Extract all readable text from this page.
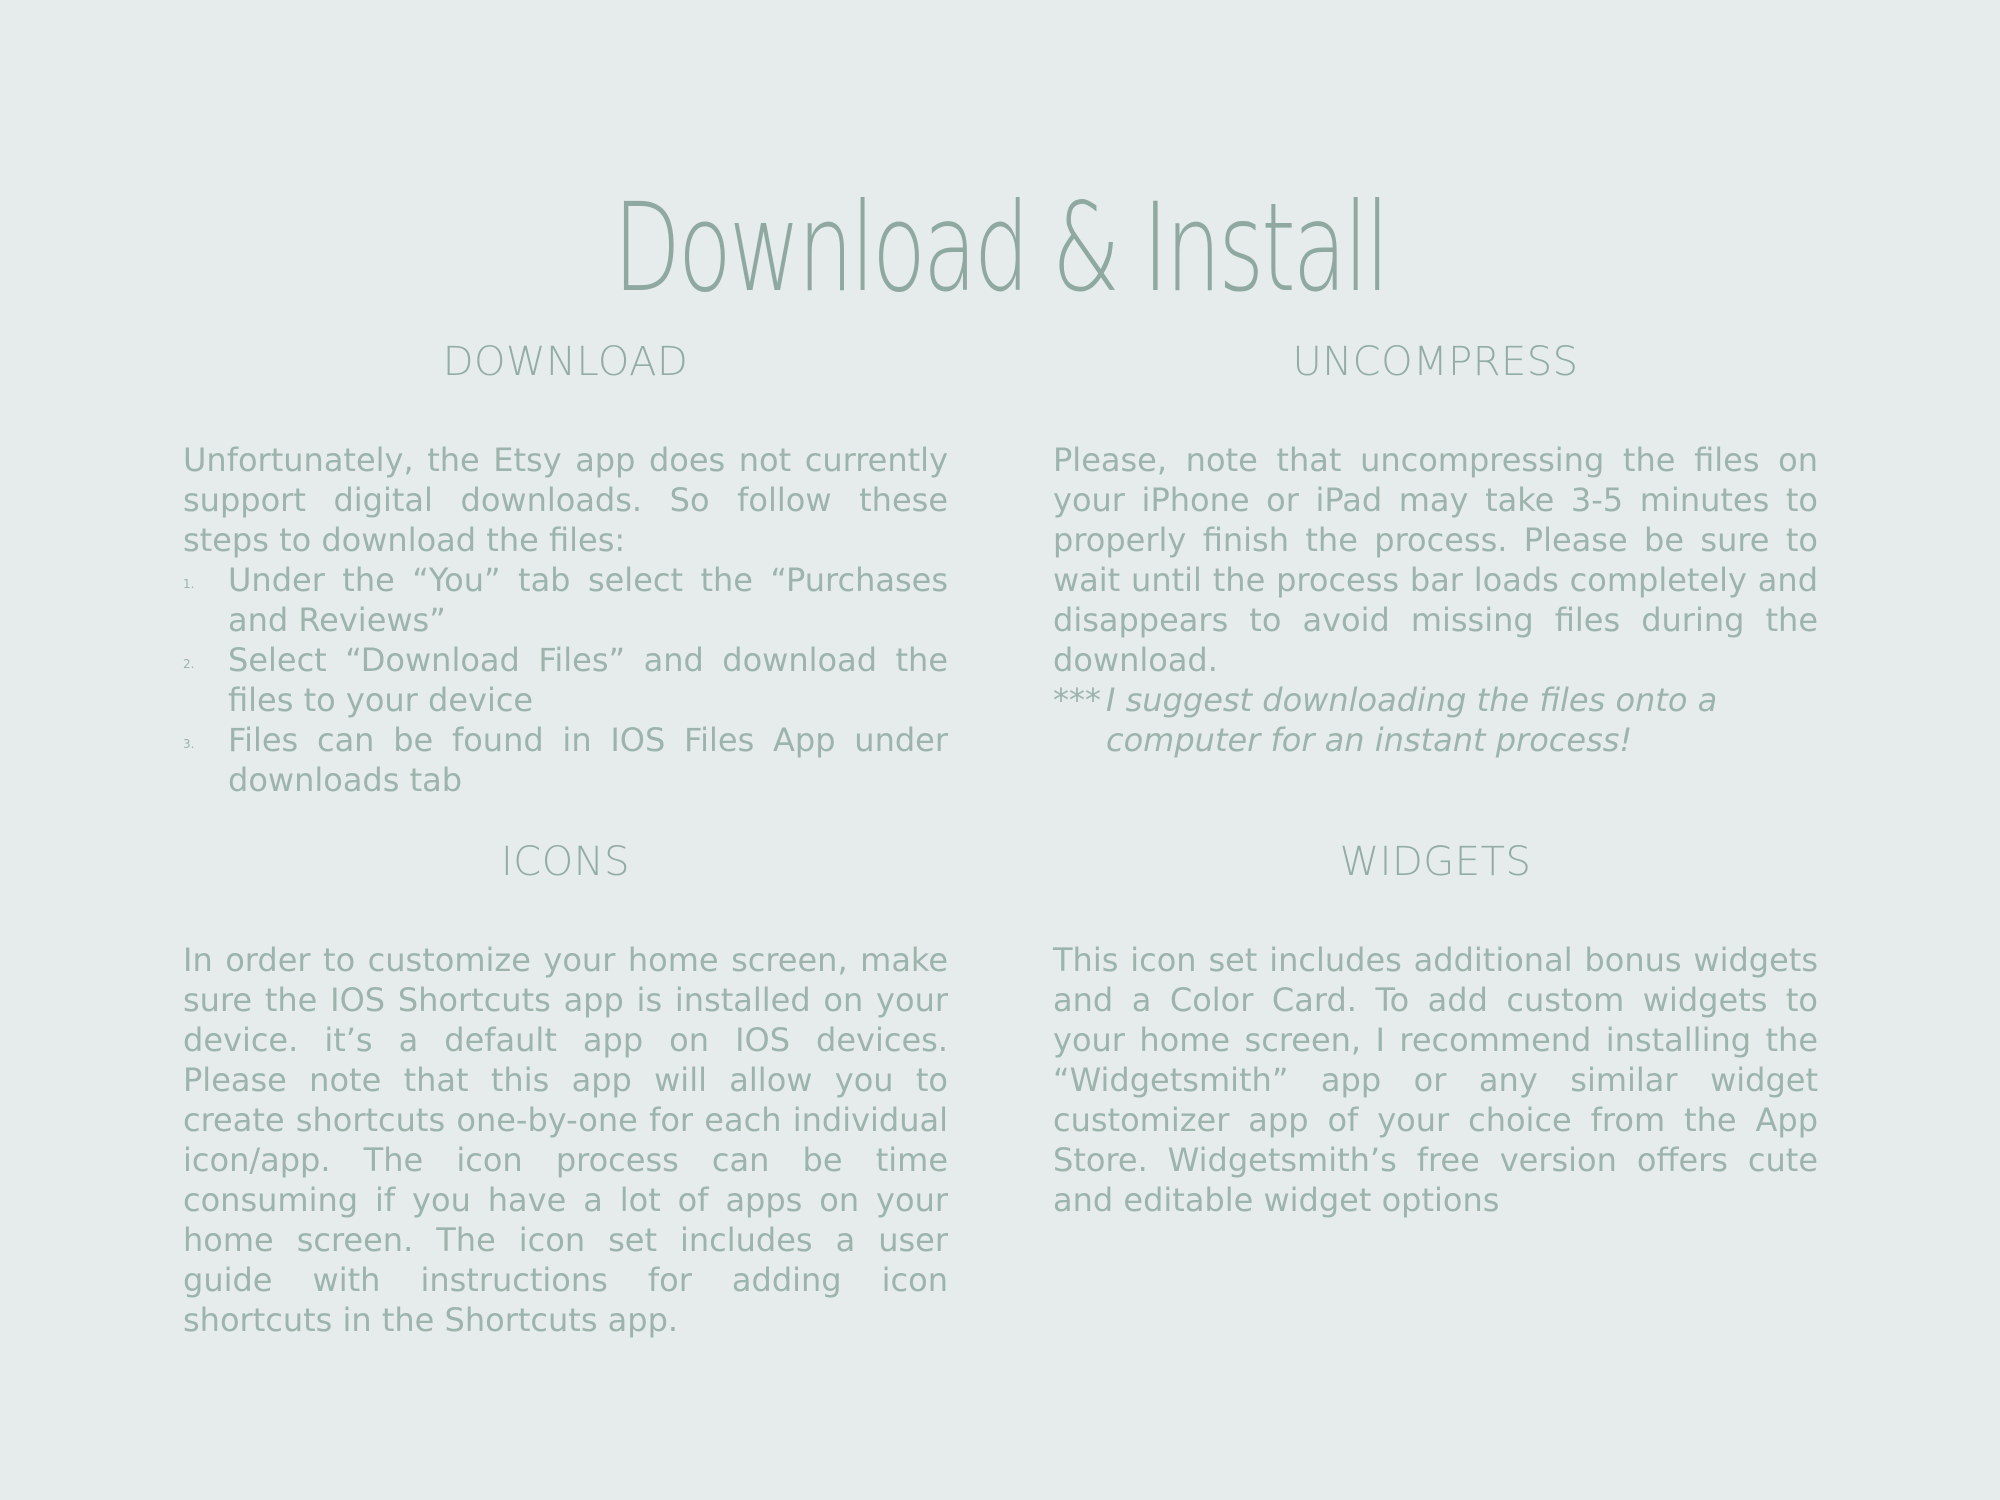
Download & Install
DOWNLOAD

Unfortunately, the Etsy app does not currently support digital downloads. So follow these steps to download the files:

1. Under the “You” tab select the “Purchases and Reviews”
2. Select “Download Files” and download the files to your device
3. Files can be found in IOS Files App under downloads tab
UNCOMPRESS

Please, note that uncompressing the files on your iPhone or iPad may take 3-5 minutes to properly finish the process. Please be sure to wait until the process bar loads completely and disappears to avoid missing files during the download.

*** I suggest downloading the files onto a computer for an instant process!

ICONS

In order to customize your home screen, make sure the IOS Shortcuts app is installed on your device. it’s a default app on IOS devices. Please note that this app will allow you to create shortcuts one-by-one for each individual icon/app. The icon process can be time consuming if you have a lot of apps on your home screen. The icon set includes a user guide with instructions for adding icon shortcuts in the Shortcuts app.

WIDGETS

This icon set includes additional bonus widgets and a Color Card. To add custom widgets to your home screen, I recommend installing the “Widgetsmith” app or any similar widget customizer app of your choice from the App Store. Widgetsmith’s free version offers cute and editable widget options
